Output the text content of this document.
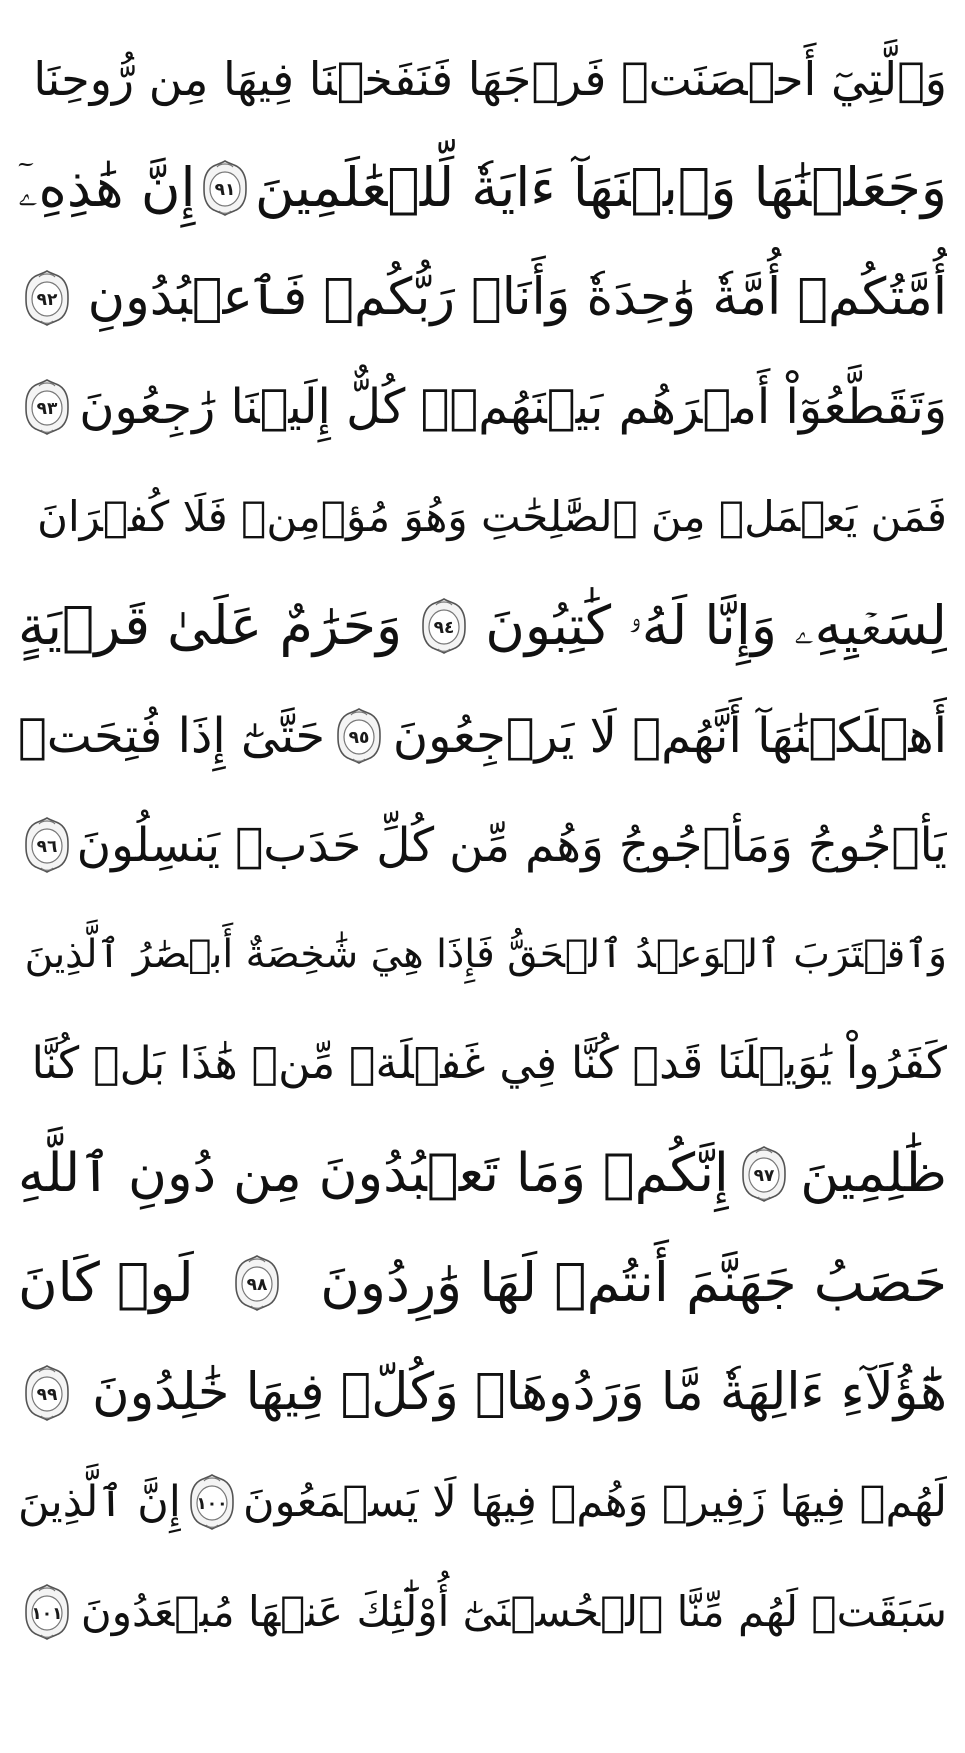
وَٱلَّتِيٓ أَحۡصَنَتۡ فَرۡجَهَا فَنَفَخۡنَا فِيهَا مِن رُّوحِنَا
وَجَعَلۡنَٰهَا وَٱبۡنَهَآ ءَايَةٗ لِّلۡعَٰلَمِينَ
٩١
إِنَّ هَٰذِهِۦٓ
أُمَّتُكُمۡ أُمَّةٗ وَٰحِدَةٗ وَأَنَا۠ رَبُّكُمۡ فَٱعۡبُدُونِ
٩٢
وَتَقَطَّعُوٓاْ أَمۡرَهُم بَيۡنَهُمۡۖ كُلٌّ إِلَيۡنَا رَٰجِعُونَ
٩٣
فَمَن يَعۡمَلۡ مِنَ ٱلصَّٰلِحَٰتِ وَهُوَ مُؤۡمِنٞ فَلَا كُفۡرَانَ
لِسَعۡيِهِۦ وَإِنَّا لَهُۥ كَٰتِبُونَ
٩٤
وَحَرَٰمٌ عَلَىٰ قَرۡيَةٍ
أَهۡلَكۡنَٰهَآ أَنَّهُمۡ لَا يَرۡجِعُونَ
٩٥
حَتَّىٰٓ إِذَا فُتِحَتۡ
يَأۡجُوجُ وَمَأۡجُوجُ وَهُم مِّن كُلِّ حَدَبٖ يَنسِلُونَ
٩٦
وَٱقۡتَرَبَ ٱلۡوَعۡدُ ٱلۡحَقُّ فَإِذَا هِيَ شَٰخِصَةٌ أَبۡصَٰرُ ٱلَّذِينَ
كَفَرُواْ يَٰوَيۡلَنَا قَدۡ كُنَّا فِي غَفۡلَةٖ مِّنۡ هَٰذَا بَلۡ كُنَّا
ظَٰلِمِينَ
٩٧
إِنَّكُمۡ وَمَا تَعۡبُدُونَ مِن دُونِ ٱللَّهِ
حَصَبُ جَهَنَّمَ أَنتُمۡ لَهَا وَٰرِدُونَ
٩٨
لَوۡ كَانَ
هَٰٓؤُلَآءِ ءَالِهَةٗ مَّا وَرَدُوهَاۖ وَكُلّٞ فِيهَا خَٰلِدُونَ
٩٩
لَهُمۡ فِيهَا زَفِيرٞ وَهُمۡ فِيهَا لَا يَسۡمَعُونَ
١٠٠
إِنَّ ٱلَّذِينَ
سَبَقَتۡ لَهُم مِّنَّا ٱلۡحُسۡنَىٰٓ أُوْلَٰٓئِكَ عَنۡهَا مُبۡعَدُونَ
١٠١
